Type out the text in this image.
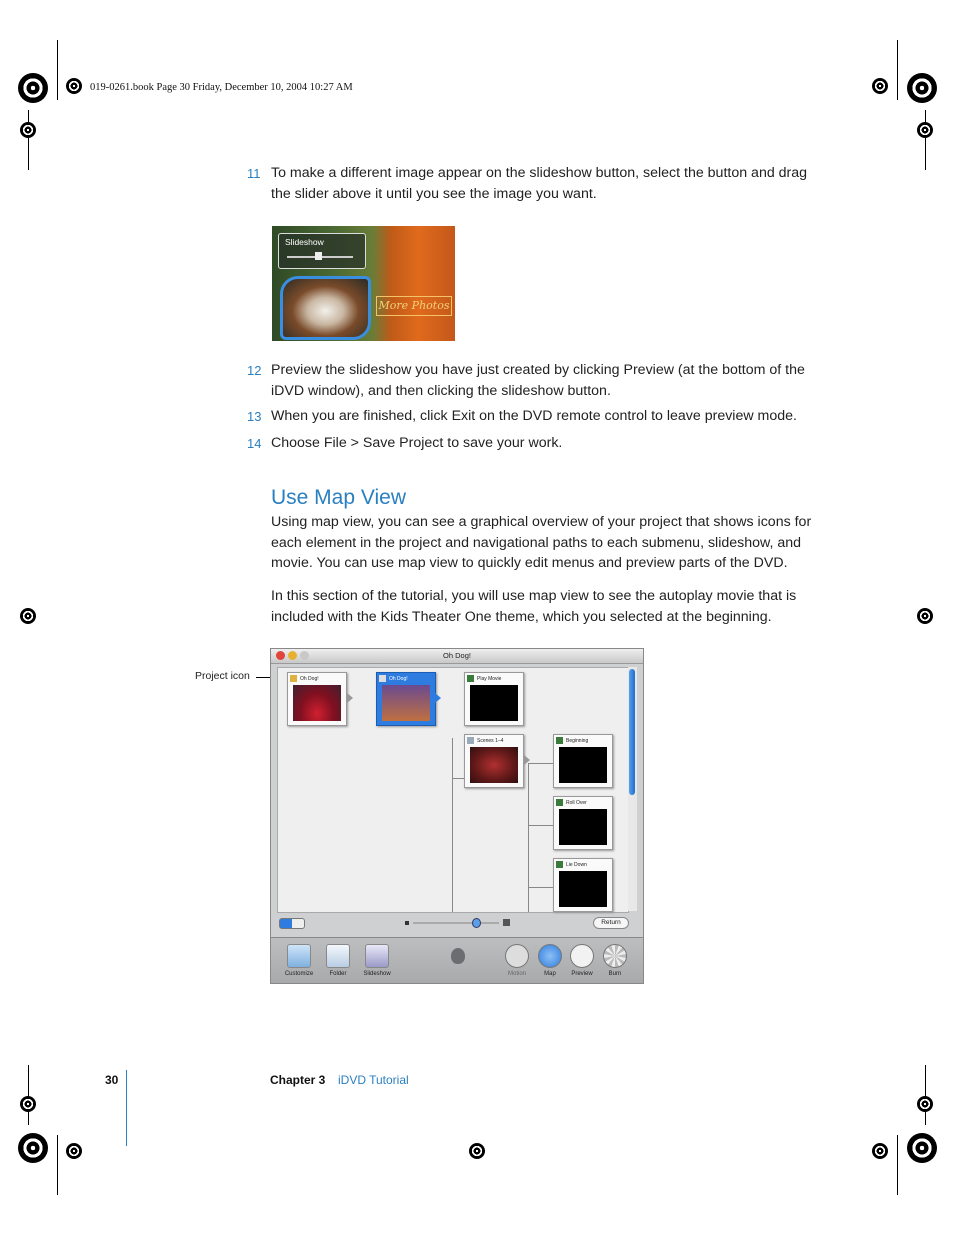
019-0261.book Page 30 Friday, December 10, 2004 10:27 AM
11 To make a different image appear on the slideshow button, select the button and drag the slider above it until you see the image you want.
Slideshow
More Photos
12 Preview the slideshow you have just created by clicking Preview (at the bottom of the iDVD window), and then clicking the slideshow button.
13 When you are finished, click Exit on the DVD remote control to leave preview mode.
14 Choose File > Save Project to save your work.
Use Map View
Using map view, you can see a graphical overview of your project that shows icons for each element in the project and navigational paths to each submenu, slideshow, and movie. You can use map view to quickly edit menus and preview parts of the DVD.
In this section of the tutorial, you will use map view to see the autoplay movie that is included with the Kids Theater One theme, which you selected at the beginning.
Project icon
Oh Dog!
Oh Dog!	Oh Dog!	Play Movie
Scenes 1–4	Beginning
Roll Over
Lie Down
Return
Customize	Folder	Slideshow	Motion	Map	Preview	Burn
30	Chapter 3 iDVD Tutorial
